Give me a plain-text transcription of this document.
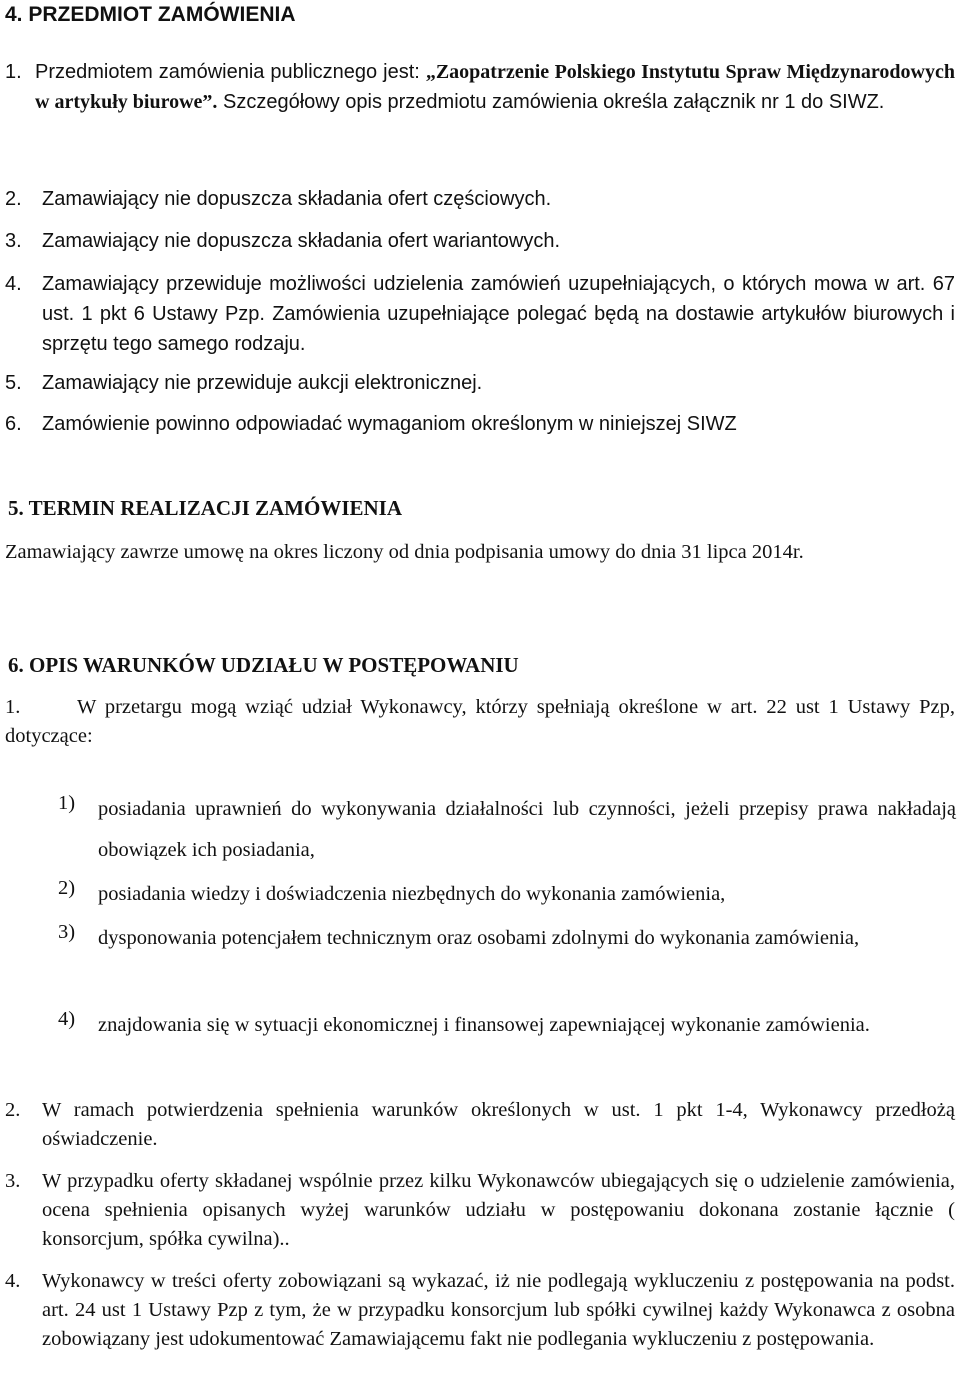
4. PRZEDMIOT ZAMÓWIENIA
1. Przedmiotem zamówienia publicznego jest: „Zaopatrzenie Polskiego Instytutu Spraw Międzynarodowych w artykuły biurowe”. Szczegółowy opis przedmiotu zamówienia określa załącznik nr 1 do SIWZ.
2.	Zamawiający nie dopuszcza składania ofert częściowych.
3.	Zamawiający nie dopuszcza składania ofert wariantowych.
4.	Zamawiający przewiduje możliwości udzielenia zamówień uzupełniających, o których mowa w art. 67 ust. 1 pkt 6 Ustawy Pzp. Zamówienia uzupełniające polegać będą na dostawie artykułów biurowych i sprzętu tego samego rodzaju.
5.	Zamawiający nie przewiduje aukcji elektronicznej.
6.	Zamówienie powinno odpowiadać wymaganiom określonym w niniejszej SIWZ
5. TERMIN REALIZACJI ZAMÓWIENIA
Zamawiający zawrze umowę na okres liczony od dnia podpisania umowy do dnia 31 lipca 2014r.
6. OPIS WARUNKÓW UDZIAŁU W POSTĘPOWANIU
1.	W przetargu mogą wziąć udział Wykonawcy, którzy spełniają określone w art. 22 ust 1 Ustawy Pzp, dotyczące:
1)	posiadania uprawnień do wykonywania działalności lub czynności, jeżeli przepisy prawa nakładają obowiązek ich posiadania,
2)	posiadania wiedzy i doświadczenia niezbędnych do wykonania zamówienia,
3)	dysponowania potencjałem technicznym oraz osobami zdolnymi do wykonania zamówienia,
4)	znajdowania się w sytuacji ekonomicznej i finansowej zapewniającej wykonanie zamówienia.
2.	W ramach potwierdzenia spełnienia warunków określonych w ust. 1 pkt 1-4, Wykonawcy przedłożą oświadczenie.
3.	W przypadku oferty składanej wspólnie przez kilku Wykonawców ubiegających się o udzielenie zamówienia, ocena spełnienia opisanych wyżej warunków udziału w postępowaniu dokonana zostanie łącznie ( konsorcjum, spółka cywilna)..
4.	Wykonawcy w treści oferty zobowiązani są wykazać, iż nie podlegają wykluczeniu z postępowania na podst. art. 24 ust 1 Ustawy Pzp z tym, że w przypadku konsorcjum lub spółki cywilnej każdy Wykonawca z osobna zobowiązany jest udokumentować Zamawiającemu fakt nie podlegania wykluczeniu z postępowania.
